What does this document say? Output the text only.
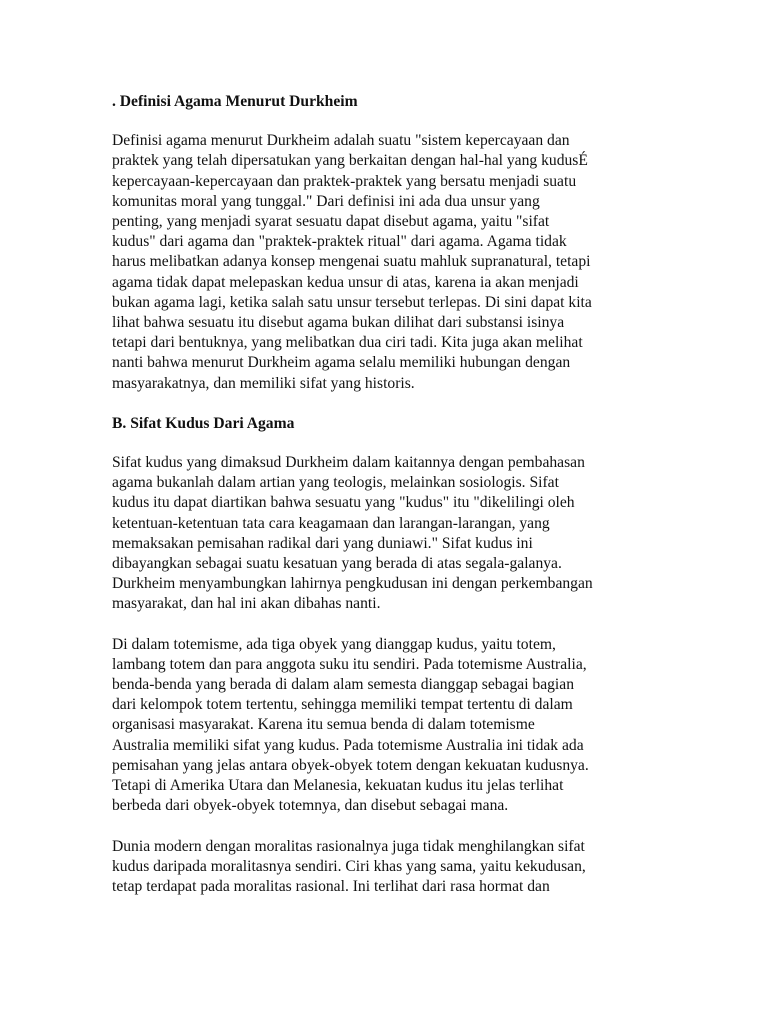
. Definisi Agama Menurut Durkheim
Definisi agama menurut Durkheim adalah suatu "sistem kepercayaan dan
praktek yang telah dipersatukan yang berkaitan dengan hal-hal yang kudusÉ
kepercayaan-kepercayaan dan praktek-praktek yang bersatu menjadi suatu
komunitas moral yang tunggal." Dari definisi ini ada dua unsur yang
penting, yang menjadi syarat sesuatu dapat disebut agama, yaitu "sifat
kudus" dari agama dan "praktek-praktek ritual" dari agama. Agama tidak
harus melibatkan adanya konsep mengenai suatu mahluk supranatural, tetapi
agama tidak dapat melepaskan kedua unsur di atas, karena ia akan menjadi
bukan agama lagi, ketika salah satu unsur tersebut terlepas. Di sini dapat kita
lihat bahwa sesuatu itu disebut agama bukan dilihat dari substansi isinya
tetapi dari bentuknya, yang melibatkan dua ciri tadi. Kita juga akan melihat
nanti bahwa menurut Durkheim agama selalu memiliki hubungan dengan
masyarakatnya, dan memiliki sifat yang historis.
B. Sifat Kudus Dari Agama
Sifat kudus yang dimaksud Durkheim dalam kaitannya dengan pembahasan
agama bukanlah dalam artian yang teologis, melainkan sosiologis. Sifat
kudus itu dapat diartikan bahwa sesuatu yang "kudus" itu "dikelilingi oleh
ketentuan-ketentuan tata cara keagamaan dan larangan-larangan, yang
memaksakan pemisahan radikal dari yang duniawi." Sifat kudus ini
dibayangkan sebagai suatu kesatuan yang berada di atas segala-galanya.
Durkheim menyambungkan lahirnya pengkudusan ini dengan perkembangan
masyarakat, dan hal ini akan dibahas nanti.
Di dalam totemisme, ada tiga obyek yang dianggap kudus, yaitu totem,
lambang totem dan para anggota suku itu sendiri. Pada totemisme Australia,
benda-benda yang berada di dalam alam semesta dianggap sebagai bagian
dari kelompok totem tertentu, sehingga memiliki tempat tertentu di dalam
organisasi masyarakat. Karena itu semua benda di dalam totemisme
Australia memiliki sifat yang kudus. Pada totemisme Australia ini tidak ada
pemisahan yang jelas antara obyek-obyek totem dengan kekuatan kudusnya.
Tetapi di Amerika Utara dan Melanesia, kekuatan kudus itu jelas terlihat
berbeda dari obyek-obyek totemnya, dan disebut sebagai mana.
Dunia modern dengan moralitas rasionalnya juga tidak menghilangkan sifat
kudus daripada moralitasnya sendiri. Ciri khas yang sama, yaitu kekudusan,
tetap terdapat pada moralitas rasional. Ini terlihat dari rasa hormat dan
